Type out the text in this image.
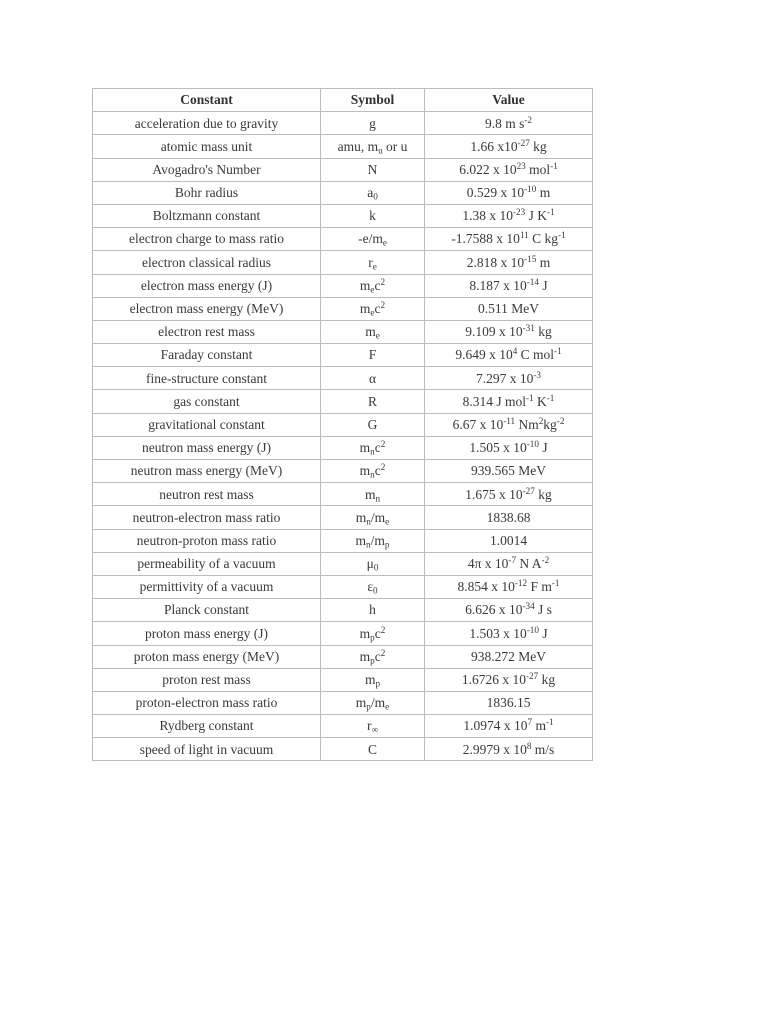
Constant	Symbol	Value
acceleration due to gravity	g	9.8 m $s^{-2}$
atomic mass unit	amu, $m_u$ or u	1.66 $x10^{-27}$ kg
Avogadro's Number	N	6.022 x $10^{23}$ mol$^{-1}$
Bohr radius	$a_0$	0.529 x $10^{-10}$ m
Boltzmann constant	k	1.38 x $10^{-23}$ J $K^{-1}$
electron charge to mass ratio	$-e/m_e$	-1.7588 x $10^{11}$ C $kg^{-1}$
electron classical radius	$r_e$	2.818 x $10^{-15}$ m
electron mass energy (J)	$m_ec^2$	8.187 x $10^{-14}$ J
electron mass energy (MeV)	$m_ec^2$	0.511 MeV
electron rest mass	$m_e$	9.109 x $10^{-31}$ kg
Faraday constant	F	9.649 x $10^4$ C mol$^{-1}$
fine-structure constant	α	7.297 x $10^{-3}$
gas constant	R	8.314 J mol$^{-1}$ $K^{-1}$
gravitational constant	G	6.67 x $10^{-11}$ $Nm^2kg^{-2}$
neutron mass energy (J)	$m_nc^2$	1.505 x $10^{-10}$ J
neutron mass energy (MeV)	$m_nc^2$	939.565 MeV
neutron rest mass	$m_n$	1.675 x $10^{-27}$ kg
neutron-electron mass ratio	$m_n/m_e$	1838.68
neutron-proton mass ratio	$m_n/m_p$	1.0014
permeability of a vacuum	$\mu_0$	4π x $10^{-7}$ N $A^{-2}$
permittivity of a vacuum	$\varepsilon_0$	8.854 x $10^{-12}$ F $m^{-1}$
Planck constant	h	6.626 x $10^{-34}$ J s
proton mass energy (J)	$m_pc^2$	1.503 x $10^{-10}$ J
proton mass energy (MeV)	$m_pc^2$	938.272 MeV
proton rest mass	$m_p$	1.6726 x $10^{-27}$ kg
proton-electron mass ratio	$m_p/m_e$	1836.15
Rydberg constant	$r_\infty$	1.0974 x $10^7$ $m^{-1}$
speed of light in vacuum	C	2.9979 x $10^8$ m/s
